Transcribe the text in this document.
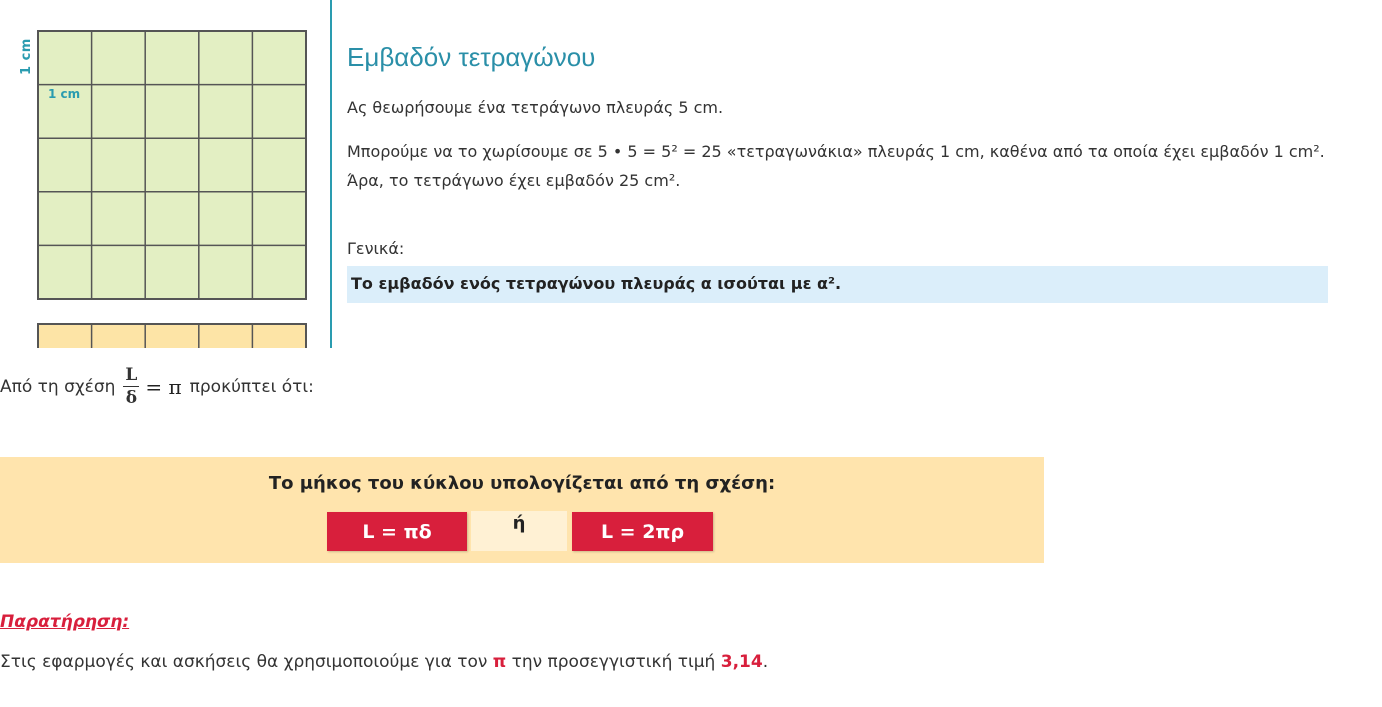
1 cm
1 cm
Εμβαδόν τετραγώνου
Ας θεωρήσουμε ένα τετράγωνο πλευράς 5 cm.
Μπορούμε να το χωρίσουμε σε 5 • 5 = 5² = 25 «τετραγωνάκια» πλευράς 1 cm, καθένα από τα οποία έχει εμβαδόν 1 cm².
Άρα, το τετράγωνο έχει εμβαδόν 25 cm².
Γενικά:
Το εμβαδόν ενός τετραγώνου πλευράς α ισούται με α².
Από τη σχέση $\frac{L}{\delta} = \pi$ προκύπτει ότι:
Το μήκος του κύκλου υπολογίζεται από τη σχέση:
L = πδ	ή	L = 2πρ
Παρατήρηση:
Στις εφαρμογές και ασκήσεις θα χρησιμοποιούμε για τον π την προσεγγιστική τιμή 3,14.
